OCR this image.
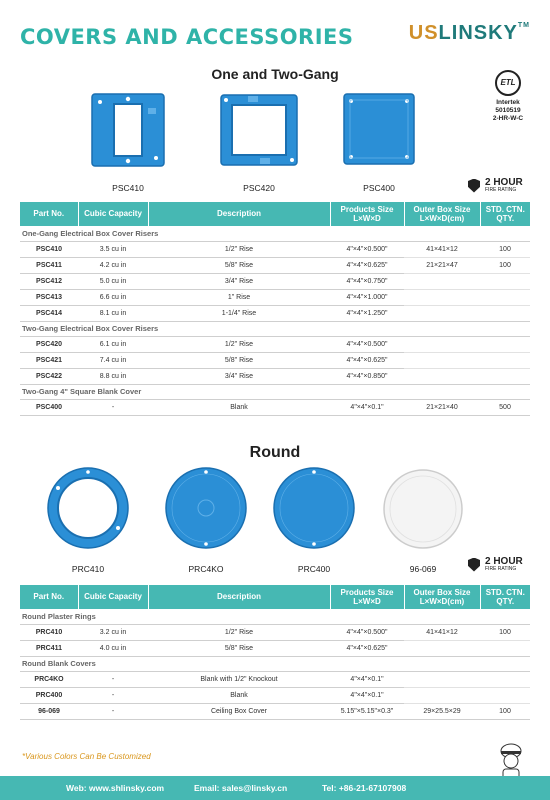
COVERS AND ACCESSORIES	USLINSKY™
One and Two-Gang
ETL
Intertek
5010519
2-HR-W-C
PSC410	PSC420	PSC400	2 HOUR
FIRE RATING
Part No.	Cubic Capacity	Description	Products Size
L×W×D	Outer Box Size
L×W×D(cm)	STD. CTN.
QTY.
One-Gang Electrical Box Cover Risers					
PSC410	3.5 cu in	1/2" Rise	4"×4"×0.500"	41×41×12	100
PSC411	4.2 cu in	5/8" Rise	4"×4"×0.625"	21×21×47	100
PSC412	5.0 cu in	3/4" Rise	4"×4"×0.750"		
PSC413	6.6 cu in	1" Rise	4"×4"×1.000"		
PSC414	8.1 cu in	1-1/4" Rise	4"×4"×1.250"		
Two-Gang Electrical Box Cover Risers					
PSC420	6.1 cu in	1/2" Rise	4"×4"×0.500"		
PSC421	7.4 cu in	5/8" Rise	4"×4"×0.625"		
PSC422	8.8 cu in	3/4" Rise	4"×4"×0.850"		
Two-Gang 4" Square Blank Cover					
PSC400	-	Blank	4"×4"×0.1"	21×21×40	500
Round
PRC410	PRC4KO	PRC400	96-069
2 HOUR
FIRE RATING
Part No.	Cubic Capacity	Description	Products Size
L×W×D	Outer Box Size
L×W×D(cm)	STD. CTN.
QTY.
Round Plaster Rings					
PRC410	3.2 cu in	1/2" Rise	4"×4"×0.500"	41×41×12	100
PRC411	4.0 cu in	5/8" Rise	4"×4"×0.625"		
Round Blank Covers					
PRC4KO	-	Blank with 1/2" Knockout	4"×4"×0.1"		
PRC400	-	Blank	4"×4"×0.1"		
96-069	-	Ceiling Box Cover	5.15"×5.15"×0.3"	29×25.5×29	100
*Various Colors Can Be Customized
Web: www.shlinsky.com	Email: sales@linsky.cn	Tel: +86-21-67107908
